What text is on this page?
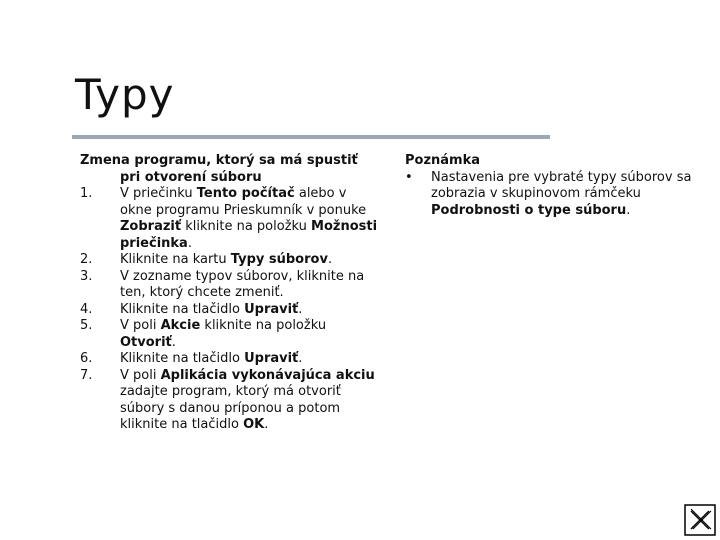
Typy
Zmena programu, ktorý sa má spustiť
pri otvorení súboru
1.	V priečinku Tento počítač alebo v okne programu Prieskumník v ponuke Zobraziť kliknite na položku Možnosti priečinka.
2.	Kliknite na kartu Typy súborov.
3.	V zozname typov súborov, kliknite na ten, ktorý chcete zmeniť.
4.	Kliknite na tlačidlo Upraviť.
5.	V poli Akcie kliknite na položku Otvoriť.
6.	Kliknite na tlačidlo Upraviť.
7.	V poli Aplikácia vykonávajúca akciu zadajte program, ktorý má otvoriť súbory s danou príponou a potom kliknite na tlačidlo OK.
Poznámka
•	Nastavenia pre vybraté typy súborov sa zobrazia v skupinovom rámčeku Podrobnosti o type súboru.
